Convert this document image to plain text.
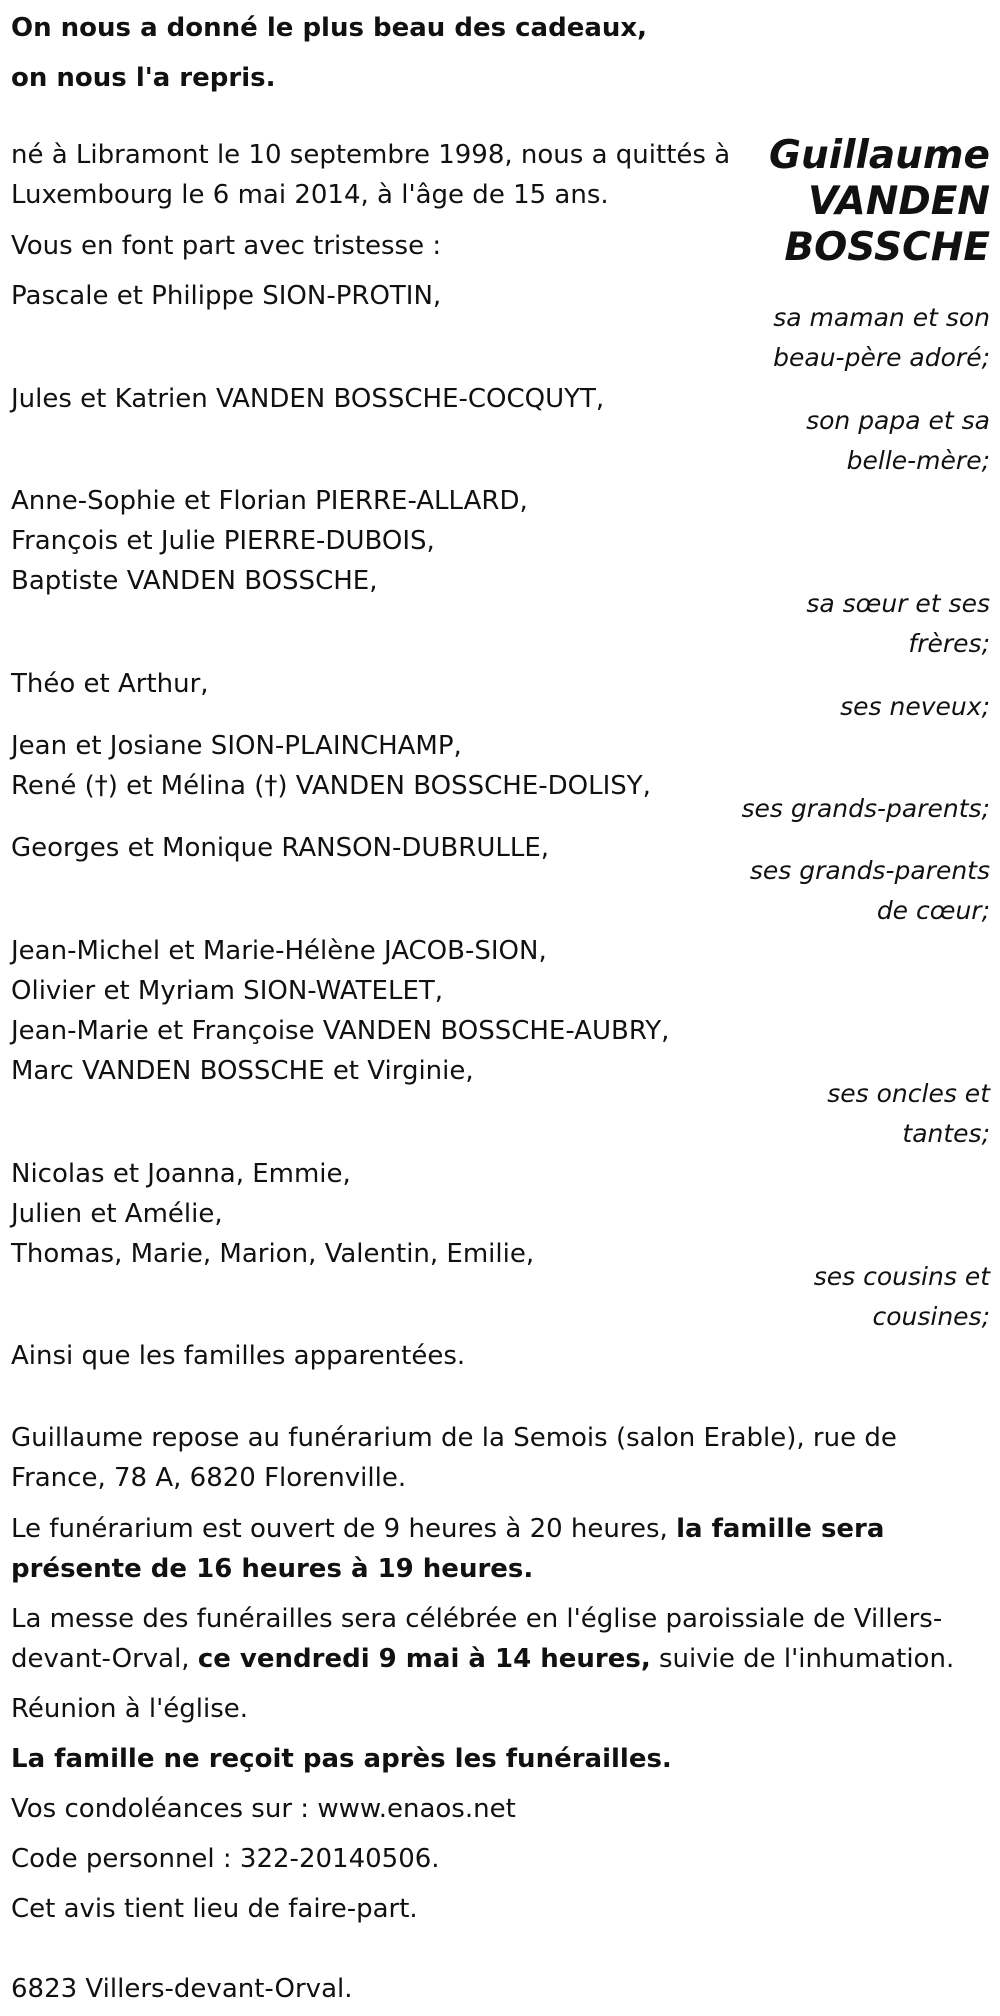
On nous a donné le plus beau des cadeaux,
on nous l'a repris.
Guillaume
VANDEN
BOSSCHE
né à Libramont le 10 septembre 1998, nous a quittés à
Luxembourg le 6 mai 2014, à l'âge de 15 ans.
Vous en font part avec tristesse :
Pascale et Philippe SION-PROTIN,
sa maman et son
beau-père adoré;
Jules et Katrien VANDEN BOSSCHE-COCQUYT,
son papa et sa
belle-mère;
Anne-Sophie et Florian PIERRE-ALLARD,
François et Julie PIERRE-DUBOIS,
Baptiste VANDEN BOSSCHE,
sa sœur et ses
frères;
Théo et Arthur,
ses neveux;
Jean et Josiane SION-PLAINCHAMP,
René (†) et Mélina (†) VANDEN BOSSCHE-DOLISY,
ses grands-parents;
Georges et Monique RANSON-DUBRULLE,
ses grands-parents
de cœur;
Jean-Michel et Marie-Hélène JACOB-SION,
Olivier et Myriam SION-WATELET,
Jean-Marie et Françoise VANDEN BOSSCHE-AUBRY,
Marc VANDEN BOSSCHE et Virginie,
ses oncles et
tantes;
Nicolas et Joanna, Emmie,
Julien et Amélie,
Thomas, Marie, Marion, Valentin, Emilie,
ses cousins et
cousines;
Ainsi que les familles apparentées.
Guillaume repose au funérarium de la Semois (salon Erable), rue de
France, 78 A, 6820 Florenville.
Le funérarium est ouvert de 9 heures à 20 heures, la famille sera
présente de 16 heures à 19 heures.
La messe des funérailles sera célébrée en l'église paroissiale de Villers-
devant-Orval, ce vendredi 9 mai à 14 heures, suivie de l'inhumation.
Réunion à l'église.
La famille ne reçoit pas après les funérailles.
Vos condoléances sur : www.enaos.net
Code personnel : 322-20140506.
Cet avis tient lieu de faire-part.
6823 Villers-devant-Orval.
